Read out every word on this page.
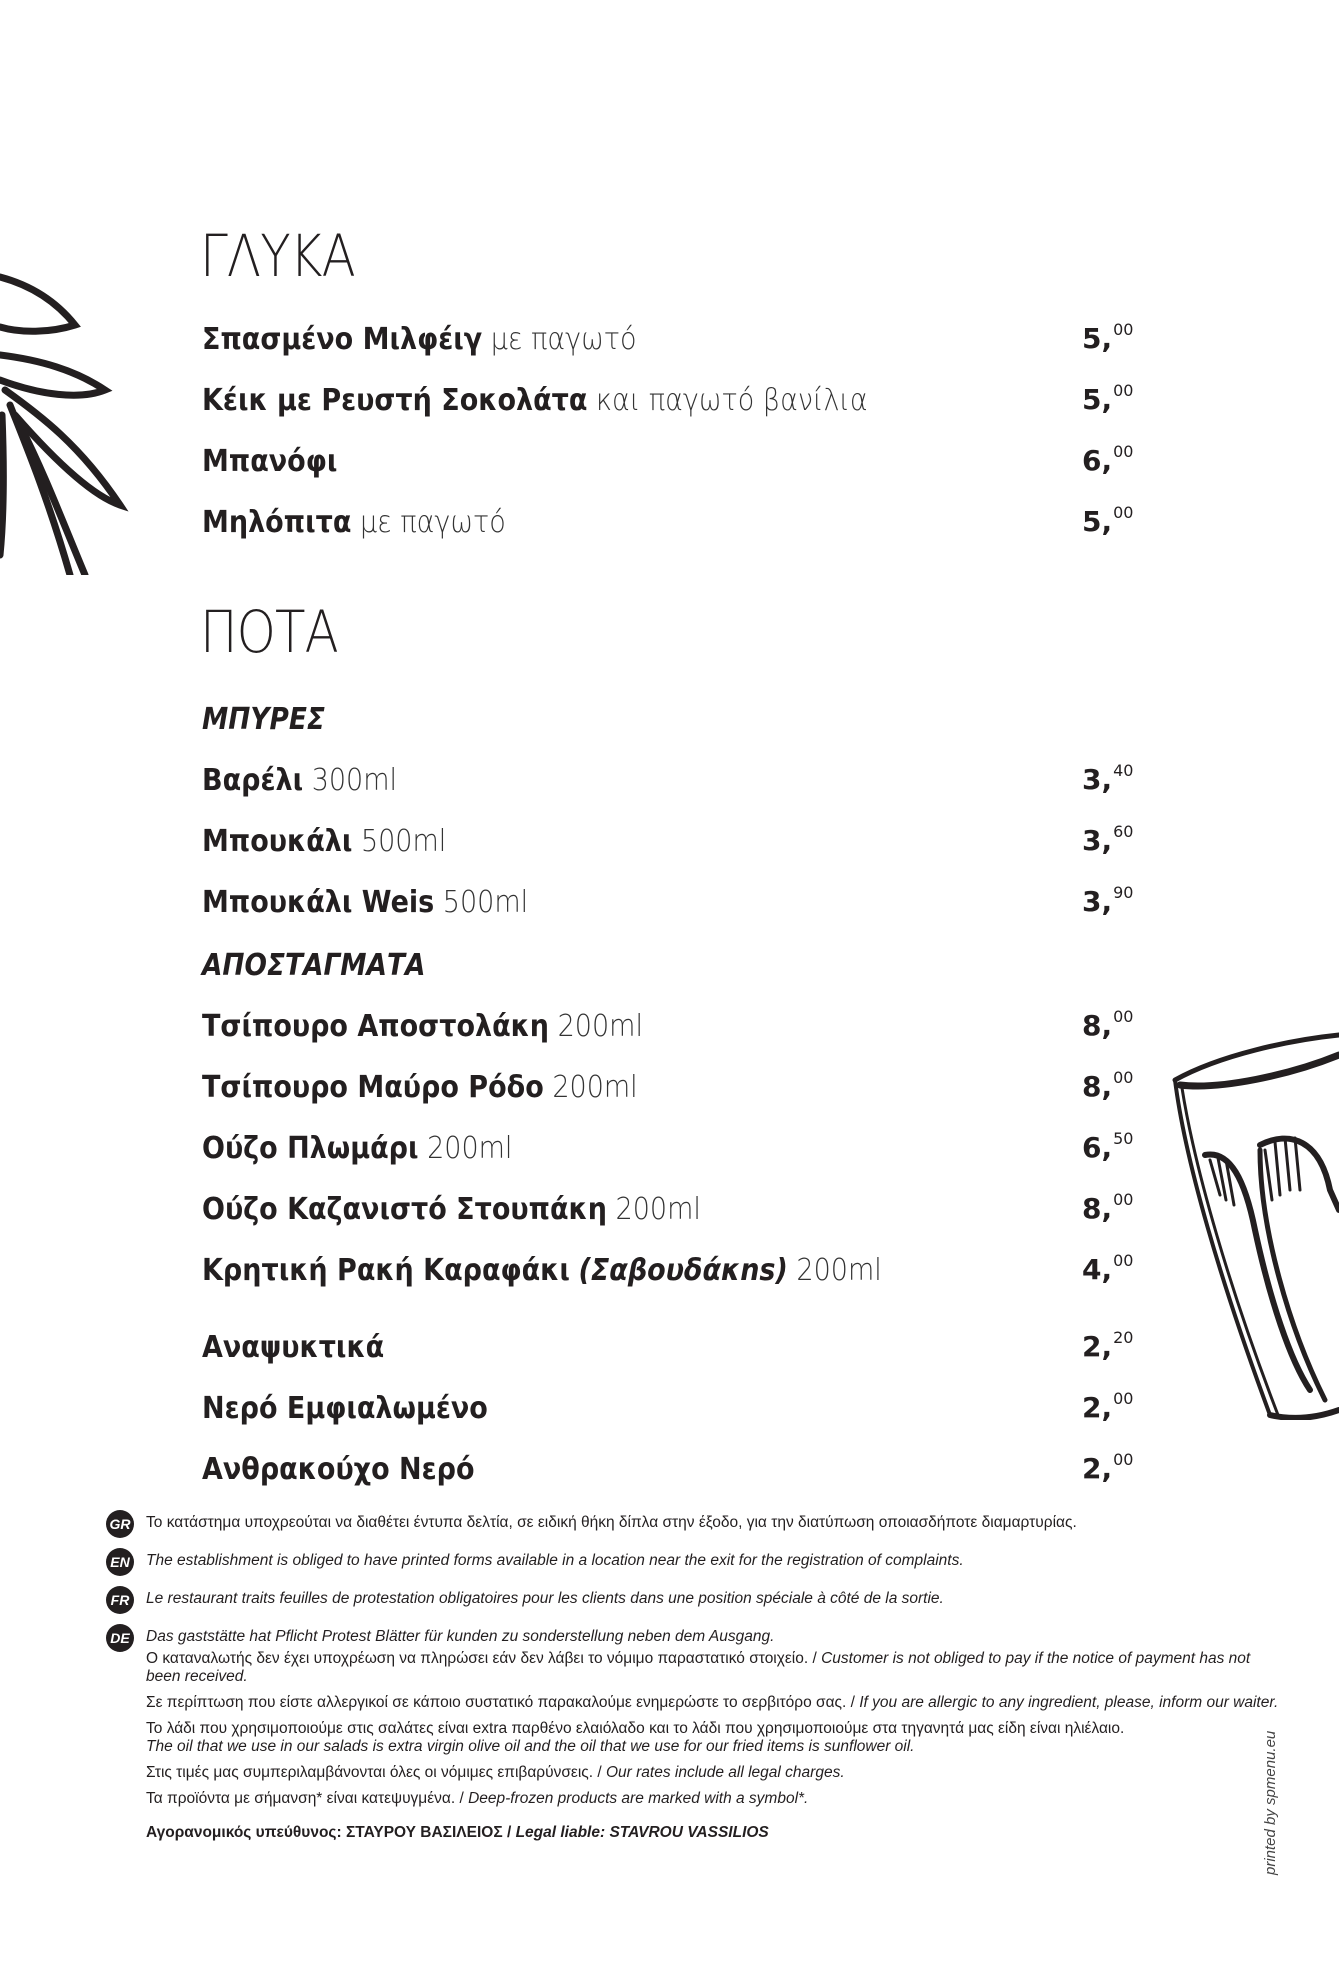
ΓΛΥΚΑ
Σπασμένο Μιλφέιγ με παγωτό	5,00
Κέικ με Ρευστή Σοκολάτα και παγωτό βανίλια	5,00
Μπανόφι	6,00
Μηλόπιτα με παγωτό	5,00
ΠΟΤΑ
ΜΠΥΡΕΣ
Βαρέλι 300ml	3,40
Μπουκάλι 500ml	3,60
Μπουκάλι Weis 500ml	3,90
ΑΠΟΣΤΑΓΜΑΤΑ
Τσίπουρο Αποστολάκη 200ml	8,00
Τσίπουρο Μαύρο Ρόδο 200ml	8,00
Ούζο Πλωμάρι 200ml	6,50
Ούζο Καζανιστό Στουπάκη 200ml	8,00
Κρητική Ρακή Καραφάκι (Σαβουδάκns) 200ml	4,00
Αναψυκτικά	2,20
Νερό Εμφιαλωμένο	2,00
Ανθρακούχο Νερό	2,00
GR Το κατάστημα υποχρεούται να διαθέτει έντυπα δελτία, σε ειδική θήκη δίπλα στην έξοδο, για την διατύπωση οποιασδήποτε διαμαρτυρίας.
EN The establishment is obliged to have printed forms available in a location near the exit for the registration of complaints.
FR	Le restaurant traits feuilles de protestation obligatoires pour les clients dans une position spéciale à côté de la sortie.
DE Das gaststätte hat Pflicht Protest Blätter für kunden zu sonderstellung neben dem Ausgang.
Ο καταναλωτής δεν έχει υποχρέωση να πληρώσει εάν δεν λάβει το νόμιμο παραστατικό στοιχείο. / Customer is not obliged to pay if the notice of payment has not been received.
Σε περίπτωση που είστε αλλεργικοί σε κάποιο συστατικό παρακαλούμε ενημερώστε το σερβιτόρο σας. / If you are allergic to any ingredient, please, inform our waiter.
Το λάδι που χρησιμοποιούμε στις σαλάτες είναι extra παρθένο ελαιόλαδο και το λάδι που χρησιμοποιούμε στα τηγανητά μας είδη είναι ηλιέλαιο.
The oil that we use in our salads is extra virgin olive oil and the oil that we use for our fried items is sunflower oil.
Στις τιμές μας συμπεριλαμβάνονται όλες οι νόμιμες επιβαρύνσεις. / Our rates include all legal charges.
Τα προϊόντα με σήμανση* είναι κατεψυγμένα. / Deep-frozen products are marked with a symbol*.
Αγορανομικός υπεύθυνος: ΣΤΑΥΡΟΥ ΒΑΣΙΛΕΙΟΣ / Legal liable: STAVROU VASSILIOS	printed by spmenu.eu
